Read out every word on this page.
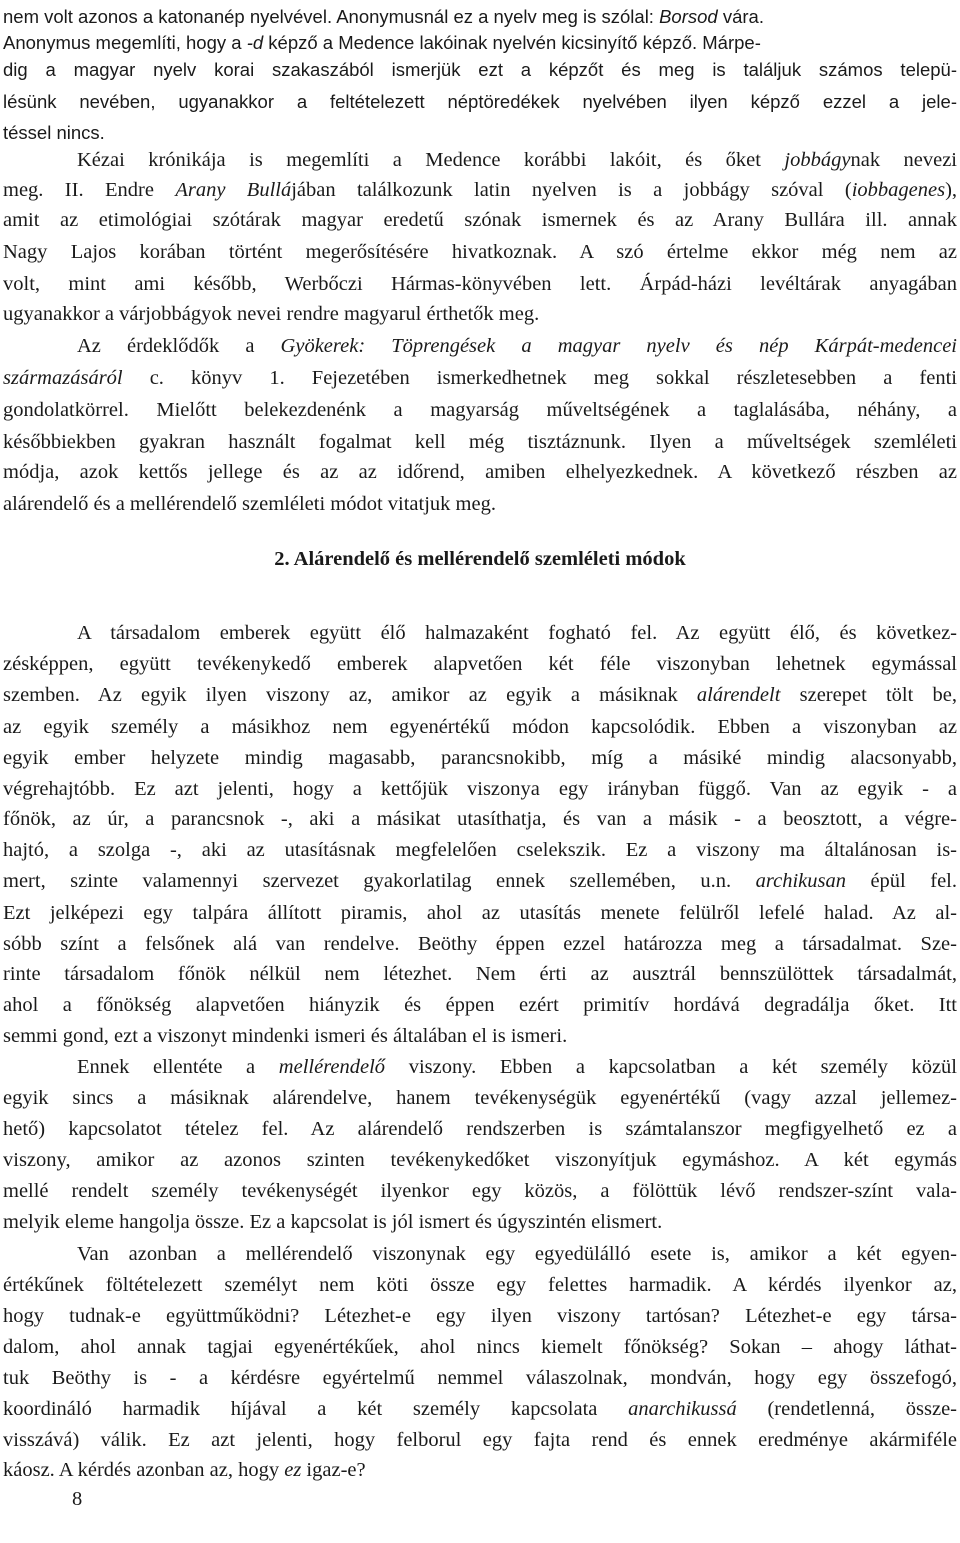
nem volt azonos a katonanép nyelvével. Anonymusnál ez a nyelv meg is szólal: Borsod vára.
Anonymus megemlíti, hogy a -d képző a Medence lakóinak nyelvén kicsinyítő képző. Márpe-
dig a magyar nyelv korai szakaszából ismerjük ezt a képzőt és meg is találjuk számos telepü-
lésünk nevében, ugyanakkor a feltételezett néptöredékek nyelvében ilyen képző ezzel a jele-
téssel nincs.
Kézai krónikája is megemlíti a Medence korábbi lakóit, és őket jobbágynak nevezi
meg. II. Endre Arany Bullájában találkozunk latin nyelven is a jobbágy szóval (iobbagenes),
amit az etimológiai szótárak magyar eredetű szónak ismernek és az Arany Bullára ill. annak
Nagy Lajos korában történt megerősítésére hivatkoznak. A szó értelme ekkor még nem az
volt, mint ami később, Werbőczi Hármas-könyvében lett. Árpád-házi levéltárak anyagában
ugyanakkor a várjobbágyok nevei rendre magyarul érthetők meg.
Az érdeklődők a Gyökerek: Töprengések a magyar nyelv és nép Kárpát-medencei
származásáról c. könyv 1. Fejezetében ismerkedhetnek meg sokkal részletesebben a fenti
gondolatkörrel. Mielőtt belekezdenénk a magyarság műveltségének a taglalásába, néhány, a
későbbiekben gyakran használt fogalmat kell még tisztáznunk. Ilyen a műveltségek szemléleti
módja, azok kettős jellege és az az időrend, amiben elhelyezkednek. A következő részben az
alárendelő és a mellérendelő szemléleti módot vitatjuk meg.
A társadalom emberek együtt élő halmazaként fogható fel. Az együtt élő, és következ-
zésképpen, együtt tevékenykedő emberek alapvetően két féle viszonyban lehetnek egymással
szemben. Az egyik ilyen viszony az, amikor az egyik a másiknak alárendelt szerepet tölt be,
az egyik személy a másikhoz nem egyenértékű módon kapcsolódik. Ebben a viszonyban az
egyik ember helyzete mindig magasabb, parancsnokibb, míg a másiké mindig alacsonyabb,
végrehajtóbb. Ez azt jelenti, hogy a kettőjük viszonya egy irányban függő. Van az egyik - a
főnök, az úr, a parancsnok -, aki a másikat utasíthatja, és van a másik - a beosztott, a végre-
hajtó, a szolga -, aki az utasításnak megfelelően cselekszik. Ez a viszony ma általánosan is-
mert, szinte valamennyi szervezet gyakorlatilag ennek szellemében, u.n. archikusan épül fel.
Ezt jelképezi egy talpára állított piramis, ahol az utasítás menete felülről lefelé halad. Az al-
sóbb színt a felsőnek alá van rendelve. Beöthy éppen ezzel határozza meg a társadalmat. Sze-
rinte társadalom főnök nélkül nem létezhet. Nem érti az ausztrál bennszülöttek társadalmát,
ahol a főnökség alapvetően hiányzik és éppen ezért primitív hordává degradálja őket. Itt
semmi gond, ezt a viszonyt mindenki ismeri és általában el is ismeri.
Ennek ellentéte a mellérendelő viszony. Ebben a kapcsolatban a két személy közül
egyik sincs a másiknak alárendelve, hanem tevékenységük egyenértékű (vagy azzal jellemez-
hető) kapcsolatot tételez fel. Az alárendelő rendszerben is számtalanszor megfigyelhető ez a
viszony, amikor az azonos szinten tevékenykedőket viszonyítjuk egymáshoz. A két egymás
mellé rendelt személy tevékenységét ilyenkor egy közös, a fölöttük lévő rendszer-színt vala-
melyik eleme hangolja össze. Ez a kapcsolat is jól ismert és úgyszintén elismert.
Van azonban a mellérendelő viszonynak egy egyedülálló esete is, amikor a két egyen-
értékűnek föltételezett személyt nem köti össze egy felettes harmadik. A kérdés ilyenkor az,
hogy tudnak-e együttműködni? Létezhet-e egy ilyen viszony tartósan? Létezhet-e egy társa-
dalom, ahol annak tagjai egyenértékűek, ahol nincs kiemelt főnökség? Sokan – ahogy láthat-
tuk Beöthy is - a kérdésre egyértelmű nemmel válaszolnak, mondván, hogy egy összefogó,
koordináló harmadik híjával a két személy kapcsolata anarchikussá (rendetlenná, össze-
visszává) válik. Ez azt jelenti, hogy felborul egy fajta rend és ennek eredménye akármiféle
káosz. A kérdés azonban az, hogy ez igaz-e?
2. Alárendelő és mellérendelő szemléleti módok
8
